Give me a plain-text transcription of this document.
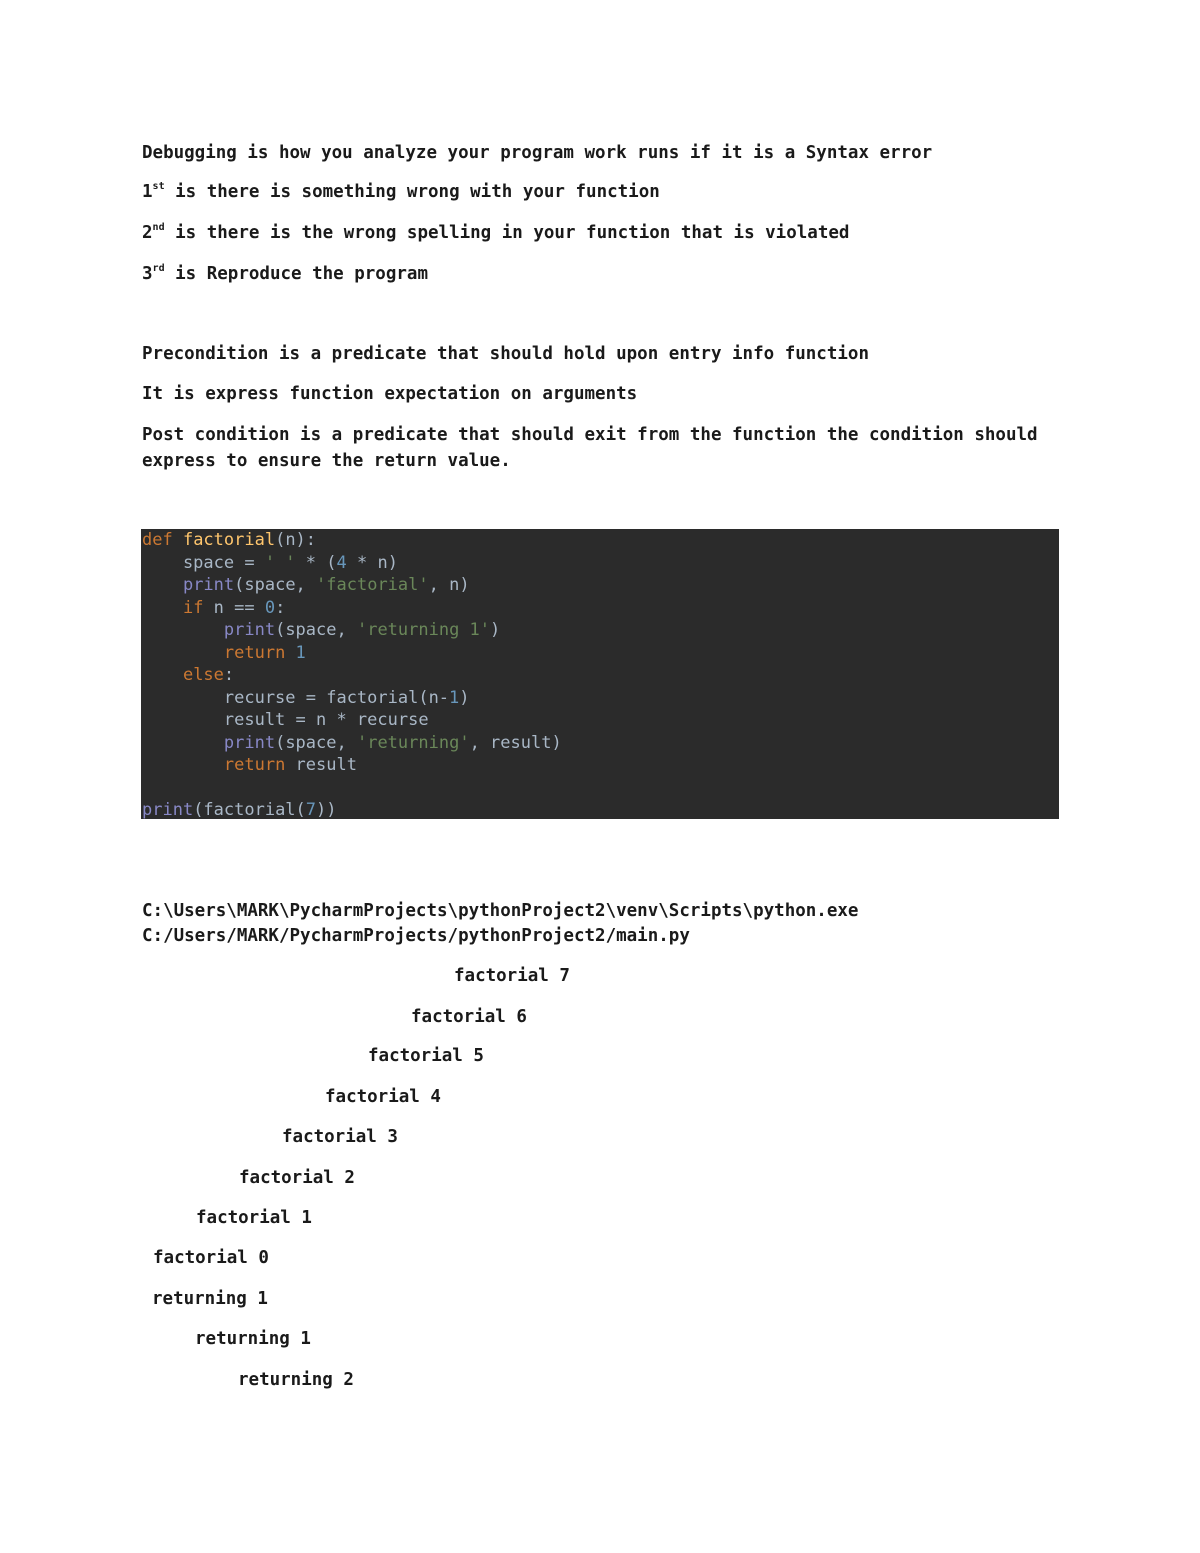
Debugging is how you analyze your program work runs if it is a Syntax error
1st is there is something wrong with your function
2nd is there is the wrong spelling in your function that is violated
3rd is Reproduce the program
Precondition is a predicate that should hold upon entry info function
It is express function expectation on arguments
Post condition is a predicate that should exit from the function the condition should express to ensure the return value.
def factorial(n):
space = ' ' * (4 * n)
print(space, 'factorial', n)
if n == 0:
print(space, 'returning 1')
return 1
else:
recurse = factorial(n-1)
result = n * recurse
print(space, 'returning', result)
return result

print(factorial(7))
C:\Users\MARK\PycharmProjects\pythonProject2\venv\Scripts\python.exe
C:/Users/MARK/PycharmProjects/pythonProject2/main.py
factorial 7
factorial 6
factorial 5
factorial 4
factorial 3
factorial 2
factorial 1
factorial 0
returning 1
returning 1
returning 2
